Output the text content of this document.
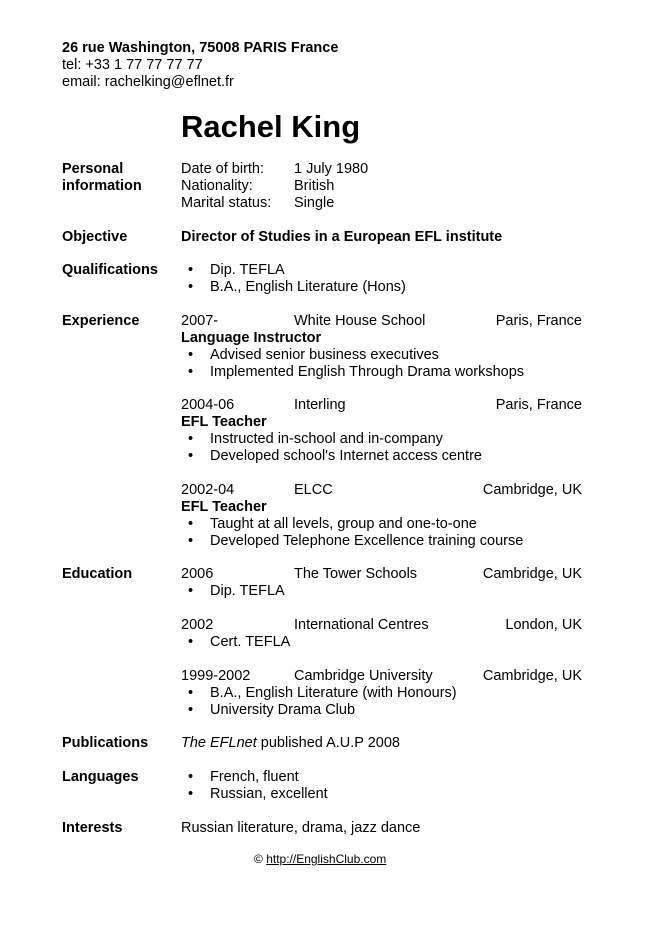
26 rue Washington, 75008 PARIS France
tel: +33 1 77 77 77 77
email: rachelking@eflnet.fr
Rachel King
Personal
information
Date of birth: 1 July 1980
Nationality:	British
Marital status: Single
Objective	Director of Studies in a European EFL institute
Qualifications • Dip. TEFLA
• B.A., English Literature (Hons)
Experience	2007-	White House School	Paris, France
Language Instructor
• Advised senior business executives
• Implemented English Through Drama workshops
2004-06	Interling	Paris, France
EFL Teacher
• Instructed in-school and in-company
• Developed school's Internet access centre
2002-04	ELCC	Cambridge, UK
EFL Teacher
• Taught at all levels, group and one-to-one
• Developed Telephone Excellence training course
Education	2006	The Tower Schools	Cambridge, UK
• Dip. TEFLA
2002	International Centres	London, UK
• Cert. TEFLA
1999-2002	Cambridge University	Cambridge, UK
• B.A., English Literature (with Honours)
• University Drama Club
Publications The EFLnet published A.U.P 2008
Languages	• French, fluent
• Russian, excellent
Interests	Russian literature, drama, jazz dance
© http://EnglishClub.com
